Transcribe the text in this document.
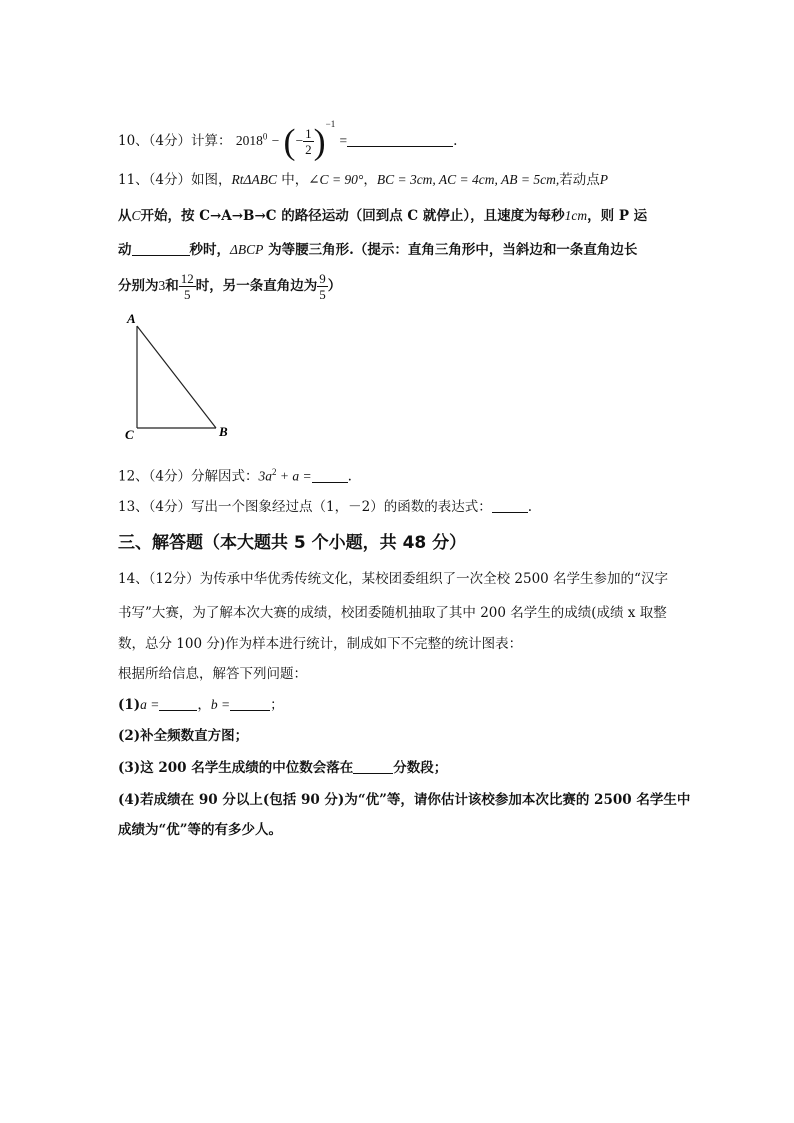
10、（4分）计算： $2018^0$ − (− $\frac{1}{2} )^{-1}$ =	.
11、（4分）如图，RtΔABC 中，∠C = 90°，BC = 3cm, AC = 4cm, AB = 5cm,若动点P
从C开始，按 C→A→B→C 的路径运动（回到点 C 就停止），且速度为每秒1cm，则 P 运
动	秒时，ΔBCP 为等腰三角形.（提示：直角三角形中，当斜边和一条直角边长
分别为3和 $\frac{12}{5}$ 时，另一条直角边为 $\frac{9}{5}$ ）
A
C	B
12、（4分）分解因式：$3a^2 + a$ =	.
13、（4分）写出一个图象经过点（1，－2）的函数的表达式：	.
三、解答题（本大题共 5 个小题，共 48 分）
14、（12分）为传承中华优秀传统文化，某校团委组织了一次全校 2500 名学生参加的“汉字
书写”大赛，为了解本次大赛的成绩，校团委随机抽取了其中 200 名学生的成绩(成绩 x 取整
数，总分 100 分)作为样本进行统计，制成如下不完整的统计图表：
根据所给信息，解答下列问题：
(1)a =	，b =	；
(2)补全频数直方图；
(3)这 200 名学生成绩的中位数会落在	分数段；
(4)若成绩在 90 分以上(包括 90 分)为“优”等，请你估计该校参加本次比赛的 2500 名学生中
成绩为“优”等的有多少人。
